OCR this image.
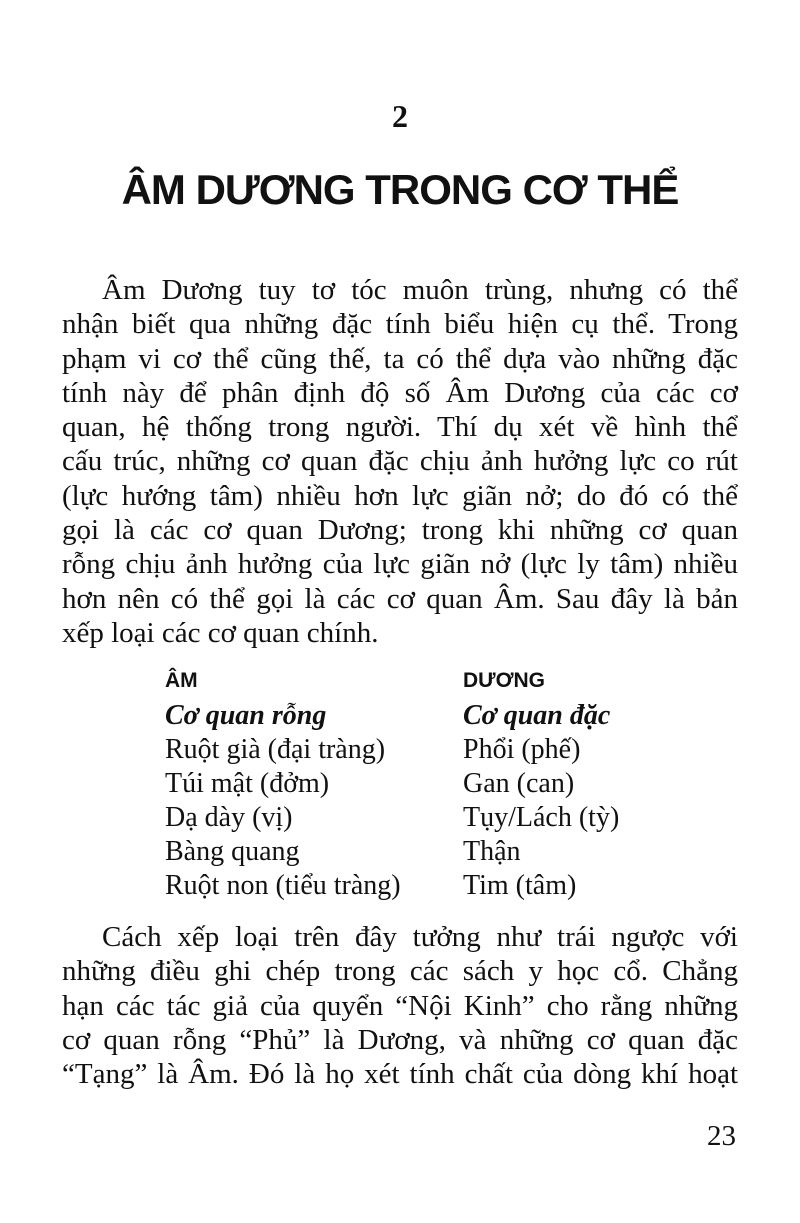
2
ÂM DƯƠNG TRONG CƠ THỂ
Âm Dương tuy tơ tóc muôn trùng, nhưng có thể
nhận biết qua những đặc tính biểu hiện cụ thể. Trong
phạm vi cơ thể cũng thế, ta có thể dựa vào những đặc
tính này để phân định độ số Âm Dương của các cơ
quan, hệ thống trong người. Thí dụ xét về hình thể
cấu trúc, những cơ quan đặc chịu ảnh hưởng lực co rút
(lực hướng tâm) nhiều hơn lực giãn nở; do đó có thể
gọi là các cơ quan Dương; trong khi những cơ quan
rỗng chịu ảnh hưởng của lực giãn nở (lực ly tâm) nhiều
hơn nên có thể gọi là các cơ quan Âm. Sau đây là bản
xếp loại các cơ quan chính.
ÂM
Cơ quan rỗng
Ruột già (đại tràng)
Túi mật (đởm)
Dạ dày (vị)
Bàng quang
Ruột non (tiểu tràng)
DƯƠNG
Cơ quan đặc
Phổi (phế)
Gan (can)
Tụy/Lách (tỳ)
Thận
Tim (tâm)
Cách xếp loại trên đây tưởng như trái ngược với
những điều ghi chép trong các sách y học cổ. Chẳng
hạn các tác giả của quyển “Nội Kinh” cho rằng những
cơ quan rỗng “Phủ” là Dương, và những cơ quan đặc
“Tạng” là Âm. Đó là họ xét tính chất của dòng khí hoạt
23
